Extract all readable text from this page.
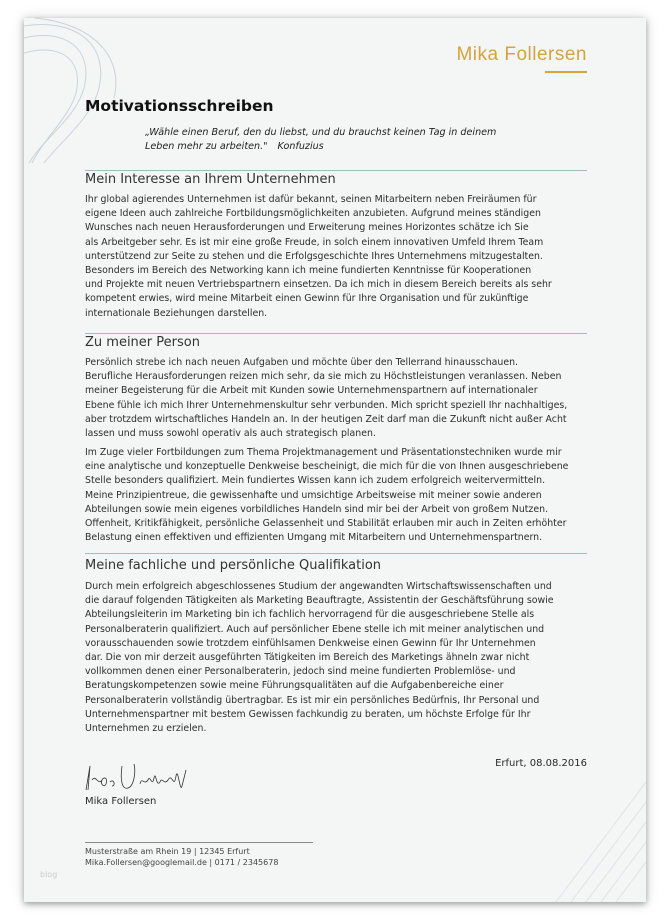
Mika Follersen
Motivationsschreiben
„Wähle einen Beruf, den du liebst, und du brauchst keinen Tag in deinem
Leben mehr zu arbeiten." Konfuzius
Mein Interesse an Ihrem Unternehmen
Ihr global agierendes Unternehmen ist dafür bekannt, seinen Mitarbeitern neben Freiräumen für
eigene Ideen auch zahlreiche Fortbildungsmöglichkeiten anzubieten. Aufgrund meines ständigen
Wunsches nach neuen Herausforderungen und Erweiterung meines Horizontes schätze ich Sie
als Arbeitgeber sehr. Es ist mir eine große Freude, in solch einem innovativen Umfeld Ihrem Team
unterstützend zur Seite zu stehen und die Erfolgsgeschichte Ihres Unternehmens mitzugestalten.
Besonders im Bereich des Networking kann ich meine fundierten Kenntnisse für Kooperationen
und Projekte mit neuen Vertriebspartnern einsetzen. Da ich mich in diesem Bereich bereits als sehr
kompetent erwies, wird meine Mitarbeit einen Gewinn für Ihre Organisation und für zukünftige
internationale Beziehungen darstellen.
Zu meiner Person
Persönlich strebe ich nach neuen Aufgaben und möchte über den Tellerrand hinausschauen.
Berufliche Herausforderungen reizen mich sehr, da sie mich zu Höchstleistungen veranlassen. Neben
meiner Begeisterung für die Arbeit mit Kunden sowie Unternehmenspartnern auf internationaler
Ebene fühle ich mich Ihrer Unternehmenskultur sehr verbunden. Mich spricht speziell Ihr nachhaltiges,
aber trotzdem wirtschaftliches Handeln an. In der heutigen Zeit darf man die Zukunft nicht außer Acht
lassen und muss sowohl operativ als auch strategisch planen.
Im Zuge vieler Fortbildungen zum Thema Projektmanagement und Präsentationstechniken wurde mir
eine analytische und konzeptuelle Denkweise bescheinigt, die mich für die von Ihnen ausgeschriebene
Stelle besonders qualifiziert. Mein fundiertes Wissen kann ich zudem erfolgreich weitervermitteln.
Meine Prinzipientreue, die gewissenhafte und umsichtige Arbeitsweise mit meiner sowie anderen
Abteilungen sowie mein eigenes vorbildliches Handeln sind mir bei der Arbeit von großem Nutzen.
Offenheit, Kritikfähigkeit, persönliche Gelassenheit und Stabilität erlauben mir auch in Zeiten erhöhter
Belastung einen effektiven und effizienten Umgang mit Mitarbeitern und Unternehmenspartnern.
Meine fachliche und persönliche Qualifikation
Durch mein erfolgreich abgeschlossenes Studium der angewandten Wirtschaftswissenschaften und
die darauf folgenden Tätigkeiten als Marketing Beauftragte, Assistentin der Geschäftsführung sowie
Abteilungsleiterin im Marketing bin ich fachlich hervorragend für die ausgeschriebene Stelle als
Personalberaterin qualifiziert. Auch auf persönlicher Ebene stelle ich mit meiner analytischen und
vorausschauenden sowie trotzdem einfühlsamen Denkweise einen Gewinn für Ihr Unternehmen
dar. Die von mir derzeit ausgeführten Tätigkeiten im Bereich des Marketings ähneln zwar nicht
vollkommen denen einer Personalberaterin, jedoch sind meine fundierten Problemlöse- und
Beratungskompetenzen sowie meine Führungsqualitäten auf die Aufgabenbereiche einer
Personalberaterin vollständig übertragbar. Es ist mir ein persönliches Bedürfnis, Ihr Personal und
Unternehmenspartner mit bestem Gewissen fachkundig zu beraten, um höchste Erfolge für Ihr
Unternehmen zu erzielen.
Erfurt, 08.08.2016
Mika Follersen
Musterstraße am Rhein 19 | 12345 Erfurt
Mika.Follersen@googlemail.de | 0171 / 2345678
blog
